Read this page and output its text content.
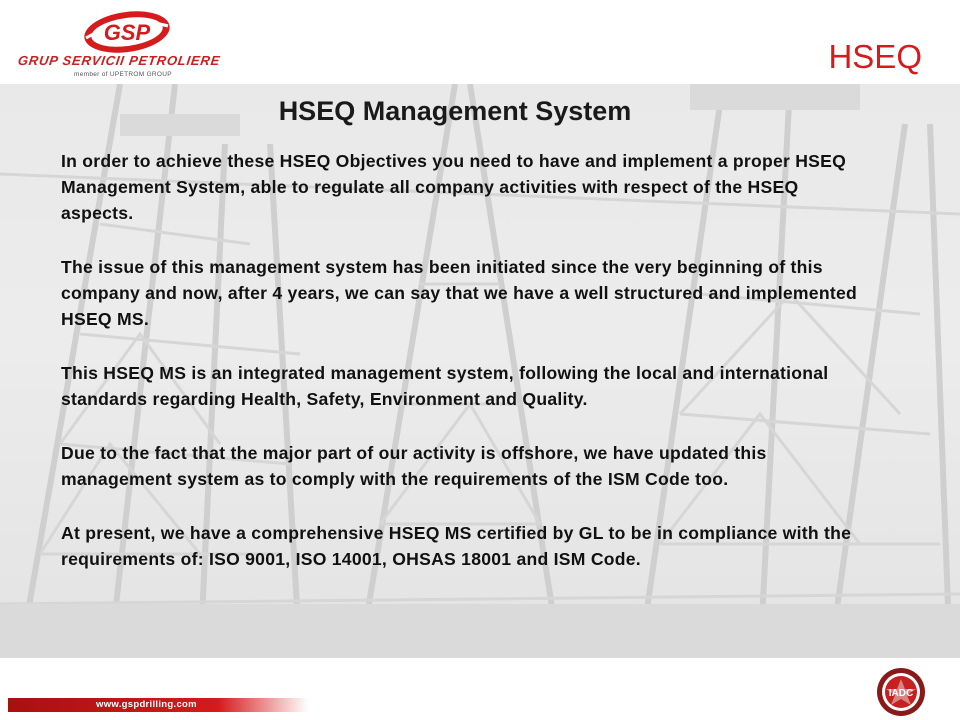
GSP
GRUP SERVICII PETROLIERE
member of UPETROM GROUP	HSEQ
HSEQ Management System

In order to achieve these HSEQ Objectives you need to have and implement a proper HSEQ Management System, able to regulate all company activities with respect of the HSEQ aspects.

The issue of this management system has been initiated since the very beginning of this company and now, after 4 years, we can say that we have a well structured and implemented HSEQ MS.

This HSEQ MS is an integrated management system, following the local and international standards regarding Health, Safety, Environment and Quality.

Due to the fact that the major part of our activity is offshore, we have updated this management system as to comply with the requirements of the ISM Code too.

At present, we have a comprehensive HSEQ MS certified by GL to be in compliance with the requirements of: ISO 9001, ISO 14001, OHSAS 18001 and ISM Code.

www.gspdrilling.com
IADC
